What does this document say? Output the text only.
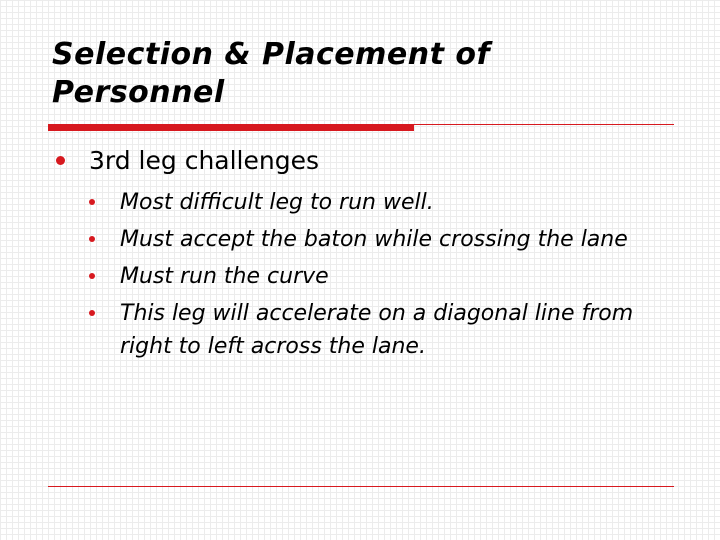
Selection & Placement of Personnel
3rd leg challenges
Most difficult leg to run well.
Must accept the baton while crossing the lane
Must run the curve
This leg will accelerate on a diagonal line from right to left across the lane.
